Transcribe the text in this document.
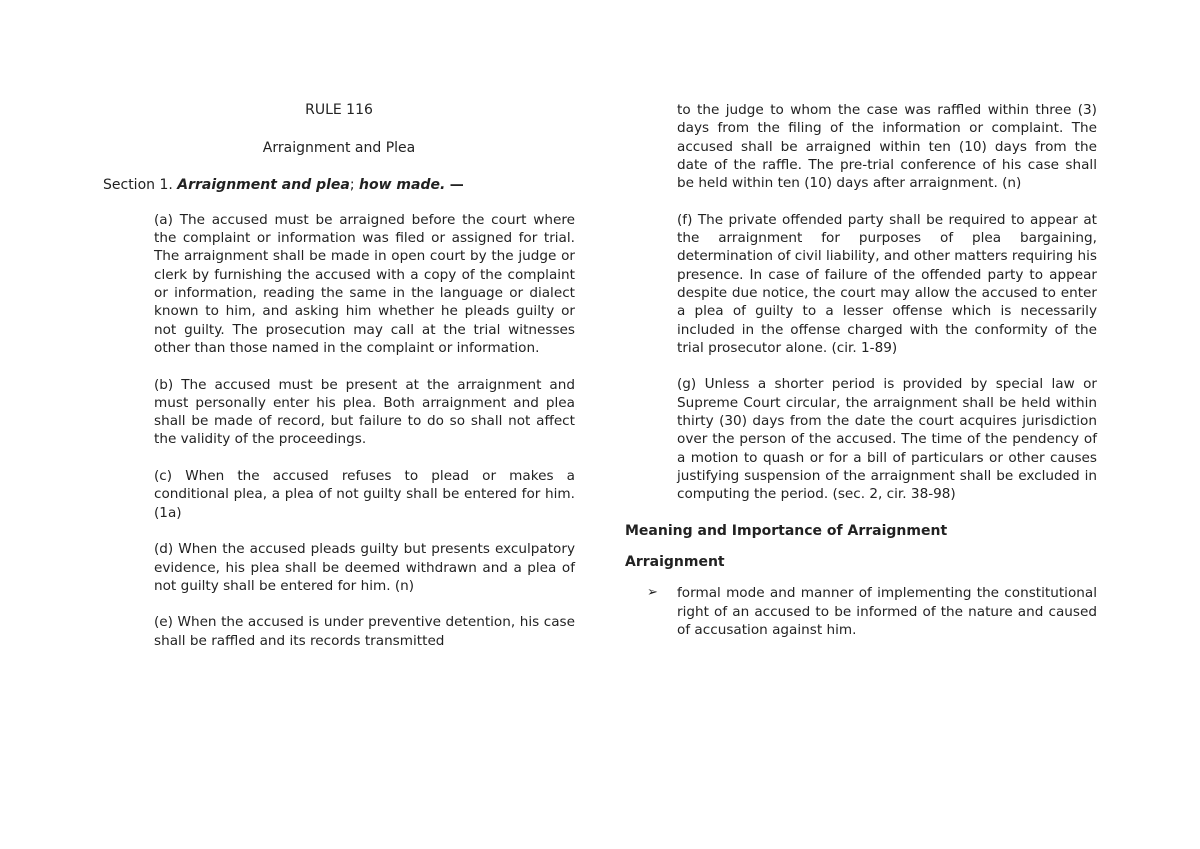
RULE 116
Arraignment and Plea
Section 1. Arraignment and plea; how made. —

(a) The accused must be arraigned before the court where the complaint or information was filed or assigned for trial. The arraignment shall be made in open court by the judge or clerk by furnishing the accused with a copy of the complaint or information, reading the same in the language or dialect known to him, and asking him whether he pleads guilty or not guilty. The prosecution may call at the trial witnesses other than those named in the complaint or information.

(b) The accused must be present at the arraignment and must personally enter his plea. Both arraignment and plea shall be made of record, but failure to do so shall not affect the validity of the proceedings.

(c) When the accused refuses to plead or makes a conditional plea, a plea of not guilty shall be entered for him. (1a)

(d) When the accused pleads guilty but presents exculpatory evidence, his plea shall be deemed withdrawn and a plea of not guilty shall be entered for him. (n)

(e) When the accused is under preventive detention, his case shall be raffled and its records transmitted

to the judge to whom the case was raffled within three (3) days from the filing of the information or complaint. The accused shall be arraigned within ten (10) days from the date of the raffle. The pre-trial conference of his case shall be held within ten (10) days after arraignment. (n)

(f) The private offended party shall be required to appear at the arraignment for purposes of plea bargaining, determination of civil liability, and other matters requiring his presence. In case of failure of the offended party to appear despite due notice, the court may allow the accused to enter a plea of guilty to a lesser offense which is necessarily included in the offense charged with the conformity of the trial prosecutor alone. (cir. 1-89)

(g) Unless a shorter period is provided by special law or Supreme Court circular, the arraignment shall be held within thirty (30) days from the date the court acquires jurisdiction over the person of the accused. The time of the pendency of a motion to quash or for a bill of particulars or other causes justifying suspension of the arraignment shall be excluded in computing the period. (sec. 2, cir. 38-98)

Meaning and Importance of Arraignment
Arraignment
➢	formal mode and manner of implementing the constitutional right of an accused to be informed of the nature and caused of accusation against him.
